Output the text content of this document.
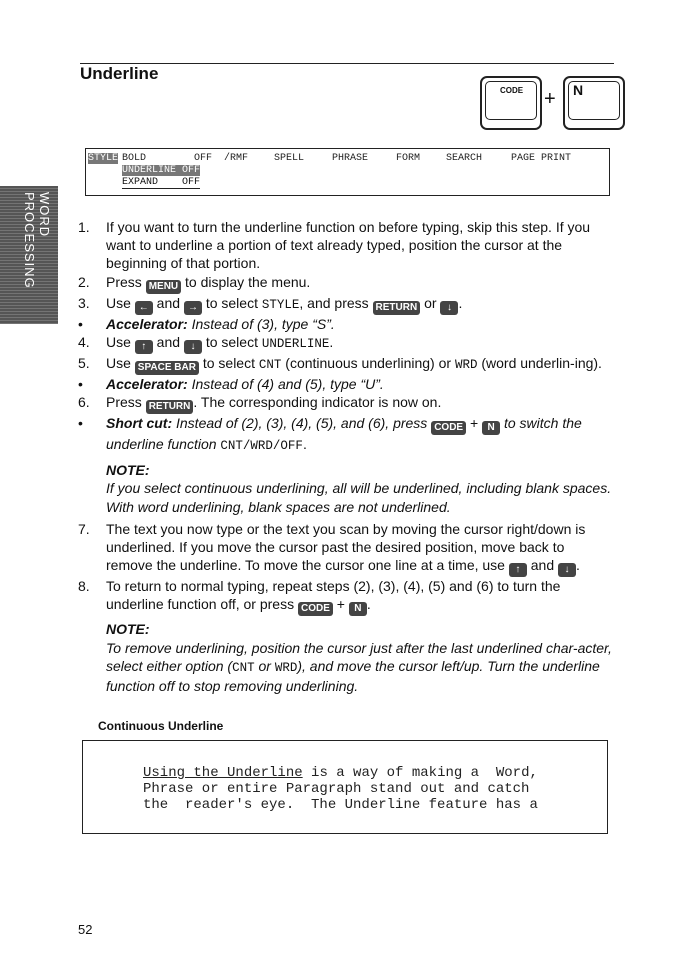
Underline
CODE + N
WORD PROCESSING
STYLE BOLD	OFF /RMF	SPELL	PHRASE	FORM	SEARCH	PAGE PRINT
UNDERLINE OFF
EXPAND    OFF
1. If you want to turn the underline function on before typing, skip this step. If you want to underline a portion of text already typed, position the cursor at the beginning of that portion.
2. Press MENU to display the menu.
3. Use ← and → to select STYLE, and press RETURN or ↓ .
• Accelerator: Instead of (3), type “S”.
4. Use ↑ and ↓ to select UNDERLINE.
5. Use SPACE BAR to select CNT (continuous underlining) or WRD (word underlin-ing).
• Accelerator: Instead of (4) and (5), type “U”.
6. Press RETURN . The corresponding indicator is now on.
• Short cut: Instead of (2), (3), (4), (5), and (6), press CODE + N to switch the underline function CNT/WRD/OFF.
NOTE:
If you select continuous underlining, all will be underlined, including blank spaces. With word underlining, blank spaces are not underlined.
7. The text you now type or the text you scan by moving the cursor right/down is underlined. If you move the cursor past the desired position, move back to remove the underline. To move the cursor one line at a time, use ↑ and ↓ .
8. To return to normal typing, repeat steps (2), (3), (4), (5) and (6) to turn the underline function off, or press CODE + N .
NOTE:
To remove underlining, position the cursor just after the last underlined char-acter, select either option (CNT or WRD), and move the cursor left/up. Turn the underline function off to stop removing underlining.
Continuous Underline
Using the Underline is a way of making a  Word,
Phrase or entire Paragraph stand out and catch
the  reader's eye.  The Underline feature has a
52
